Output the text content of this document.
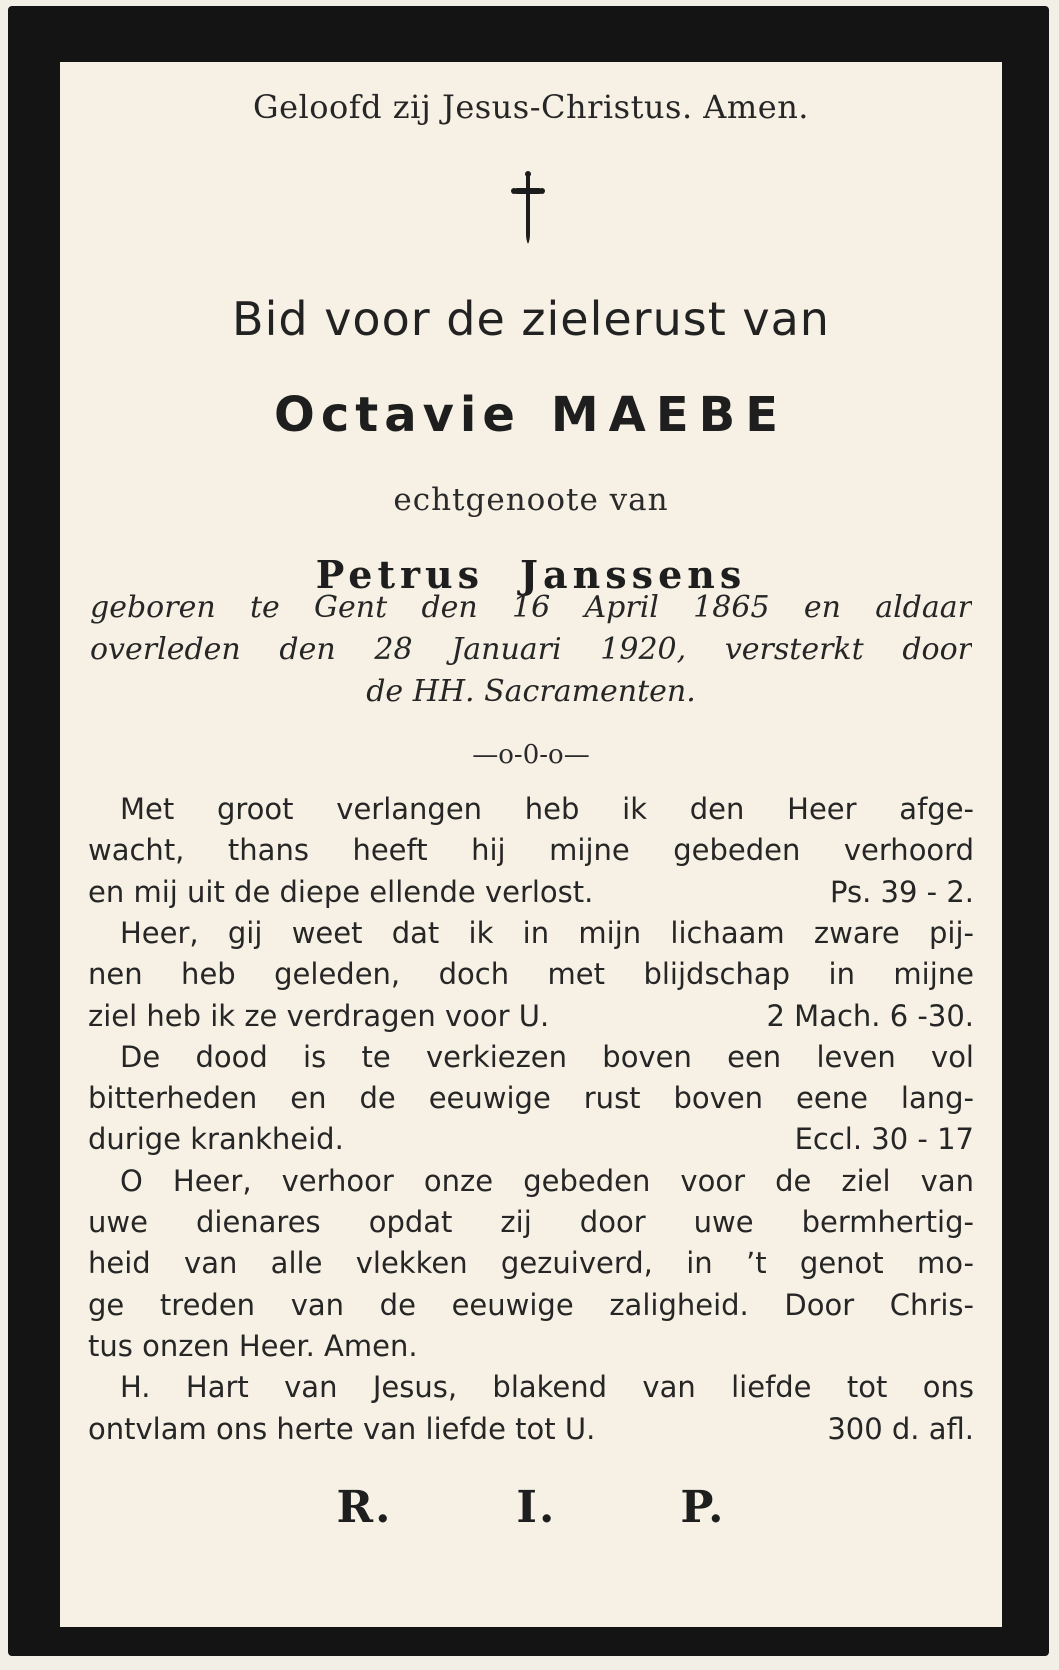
Geloofd zij Jesus-Christus. Amen.
Bid voor de zielerust van
Octavie MAEBE
echtgenoote van
Petrus Janssens
geboren te Gent den 16 April 1865 en aldaar
overleden den 28 Januari 1920, versterkt door
de HH. Sacramenten.
—o-0-o—
Met groot verlangen heb ik den Heer afge-
wacht, thans heeft hij mijne gebeden verhoord
en mij uit de diepe ellende verlost.	Ps. 39 - 2.
Heer, gij weet dat ik in mijn lichaam zware pij-
nen heb geleden, doch met blijdschap in mijne
ziel heb ik ze verdragen voor U.	2 Mach. 6 -30.
De dood is te verkiezen boven een leven vol
bitterheden en de eeuwige rust boven eene lang-
durige krankheid.	Eccl. 30 - 17
O Heer, verhoor onze gebeden voor de ziel van
uwe dienares opdat zij door uwe bermhertig-
heid van alle vlekken gezuiverd, in ’t genot mo-
ge treden van de eeuwige zaligheid. Door Chris-
tus onzen Heer. Amen.
H. Hart van Jesus, blakend van liefde tot ons
ontvlam ons herte van liefde tot U.	300 d. afl.
R.	I.	P.
